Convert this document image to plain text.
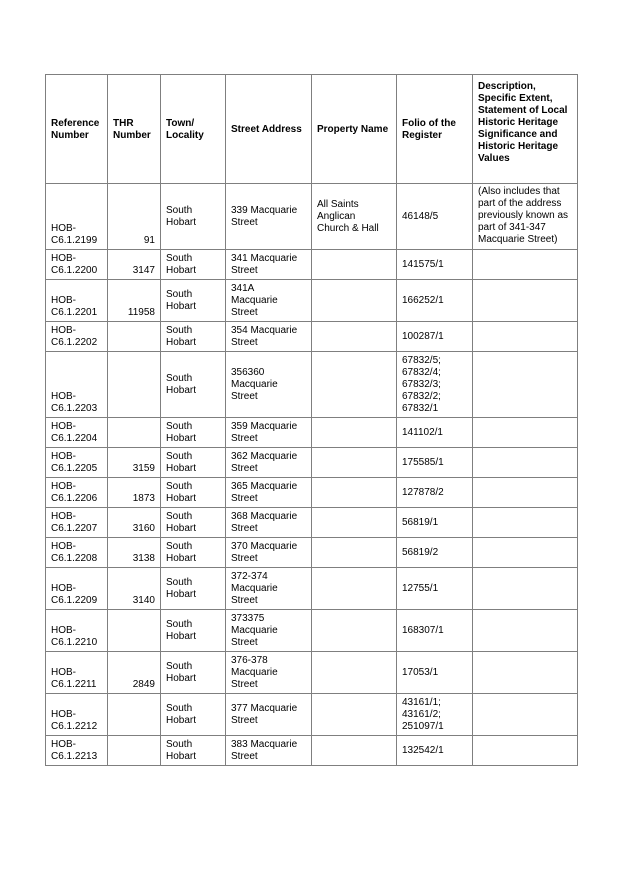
Reference Number	THR Number	Town/ Locality	Street Address	Property Name	Folio of the Register	Description, Specific Extent, Statement of Local Historic Heritage Significance and Historic Heritage Values
HOB-
C6.1.2199	91	South
Hobart	339 Macquarie
Street	All Saints
Anglican
Church & Hall	46148/5	(Also includes that part of the address previously known as part of 341-347 Macquarie Street)
HOB-
C6.1.2200	3147	South
Hobart	341 Macquarie
Street		141575/1	
HOB-
C6.1.2201	11958	South
Hobart	341A
Macquarie
Street		166252/1	
HOB-
C6.1.2202		South
Hobart	354 Macquarie
Street		100287/1	
HOB-
C6.1.2203		South
Hobart	356360
Macquarie
Street		67832/5;
67832/4;
67832/3;
67832/2;
67832/1	
HOB-
C6.1.2204		South
Hobart	359 Macquarie
Street		141102/1	
HOB-
C6.1.2205	3159	South
Hobart	362 Macquarie
Street		175585/1	
HOB-
C6.1.2206	1873	South
Hobart	365 Macquarie
Street		127878/2	
HOB-
C6.1.2207	3160	South
Hobart	368 Macquarie
Street		56819/1	
HOB-
C6.1.2208	3138	South
Hobart	370 Macquarie
Street		56819/2	
HOB-
C6.1.2209	3140	South
Hobart	372-374
Macquarie
Street		12755/1	
HOB-
C6.1.2210		South
Hobart	373375
Macquarie
Street		168307/1	
HOB-
C6.1.2211	2849	South
Hobart	376-378
Macquarie
Street		17053/1	
HOB-
C6.1.2212		South
Hobart	377 Macquarie
Street		43161/1;
43161/2;
251097/1	
HOB-
C6.1.2213		South
Hobart	383 Macquarie
Street		132542/1	
